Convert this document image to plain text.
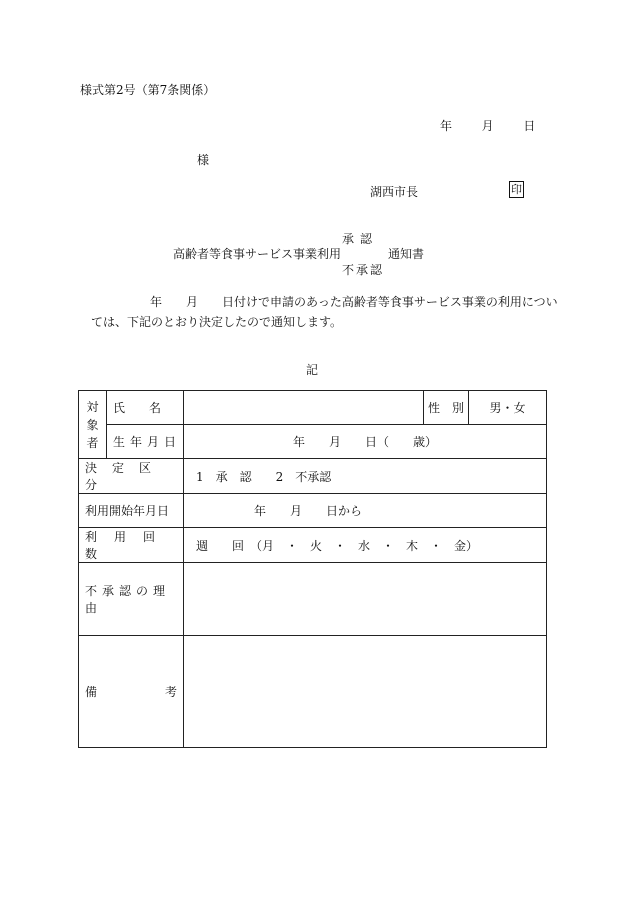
様式第2号（第7条関係）
年 月 日
様
湖西市長	印
承認
高齢者等食事サービス事業利用	通知書
不承認
年　　月　　日付けで申請のあった高齢者等食事サービス事業の利用につい
ては、下記のとおり決定したので通知します。
記
対象者	氏　　名		性　別	男・女
	生年月日	年　　月　　日（　　歳）		
決定区分		1　承　認　　2　不承認		
利用開始年月日		年　　月　　日から		
利用回数		週　　回　（月　・　火　・　水　・　木　・　金）		
不承認の理由				

備 考				
